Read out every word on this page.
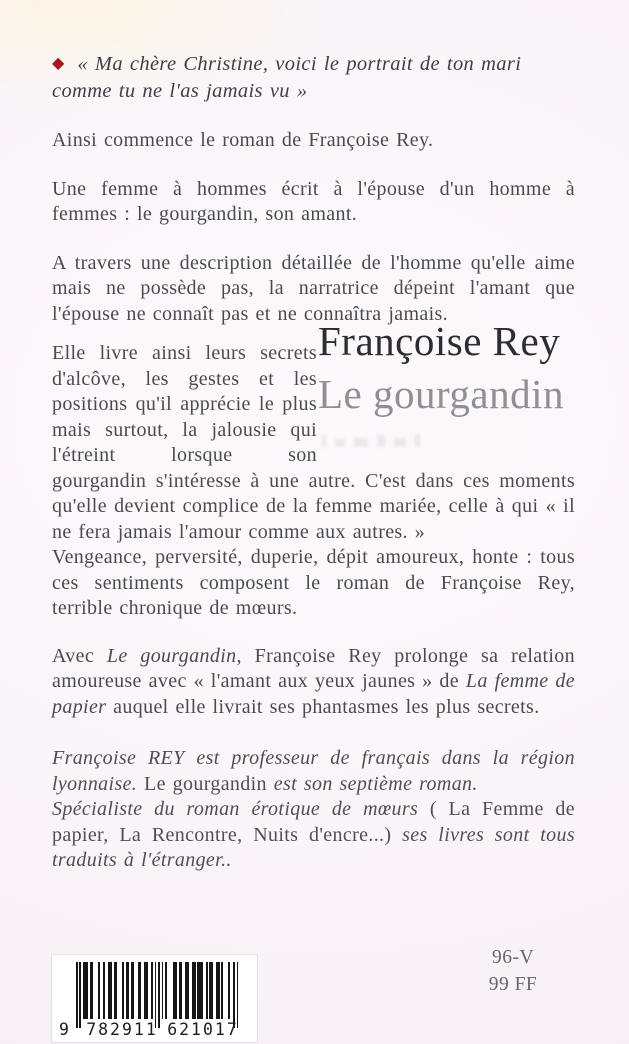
◆ « Ma chère Christine, voici le portrait de ton mari comme tu ne l'as jamais vu »

Ainsi commence le roman de Françoise Rey.

Une femme à hommes écrit à l'épouse d'un homme à femmes : le gourgandin, son amant.

A travers une description détaillée de l'homme qu'elle aime mais ne possède pas, la narratrice dépeint l'amant que l'épouse ne connaît pas et ne connaîtra jamais.

Elle livre ainsi leurs secrets d'alcôve, les gestes et les positions qu'il apprécie le plus mais surtout, la jalousie qui l'étreint lorsque son gourgandin s'intéresse à une autre. C'est dans ces moments qu'elle devient complice de la femme mariée, celle à qui « il ne fera jamais l'amour comme aux autres. »

Vengeance, perversité, duperie, dépit amoureux, honte : tous ces sentiments composent le roman de Françoise Rey, terrible chronique de mœurs.

Avec Le gourgandin, Françoise Rey prolonge sa relation amoureuse avec « l'amant aux yeux jaunes » de La femme de papier auquel elle livrait ses phantasmes les plus secrets.

Françoise REY est professeur de français dans la région lyonnaise. Le gourgandin est son septième roman.

Spécialiste du roman érotique de mœurs ( La Femme de papier, La Rencontre, Nuits d'encre...) ses livres sont tous traduits à l'étranger..

Françoise Rey
Le gourgandin
96-V
99 FF
9 782911 621017
